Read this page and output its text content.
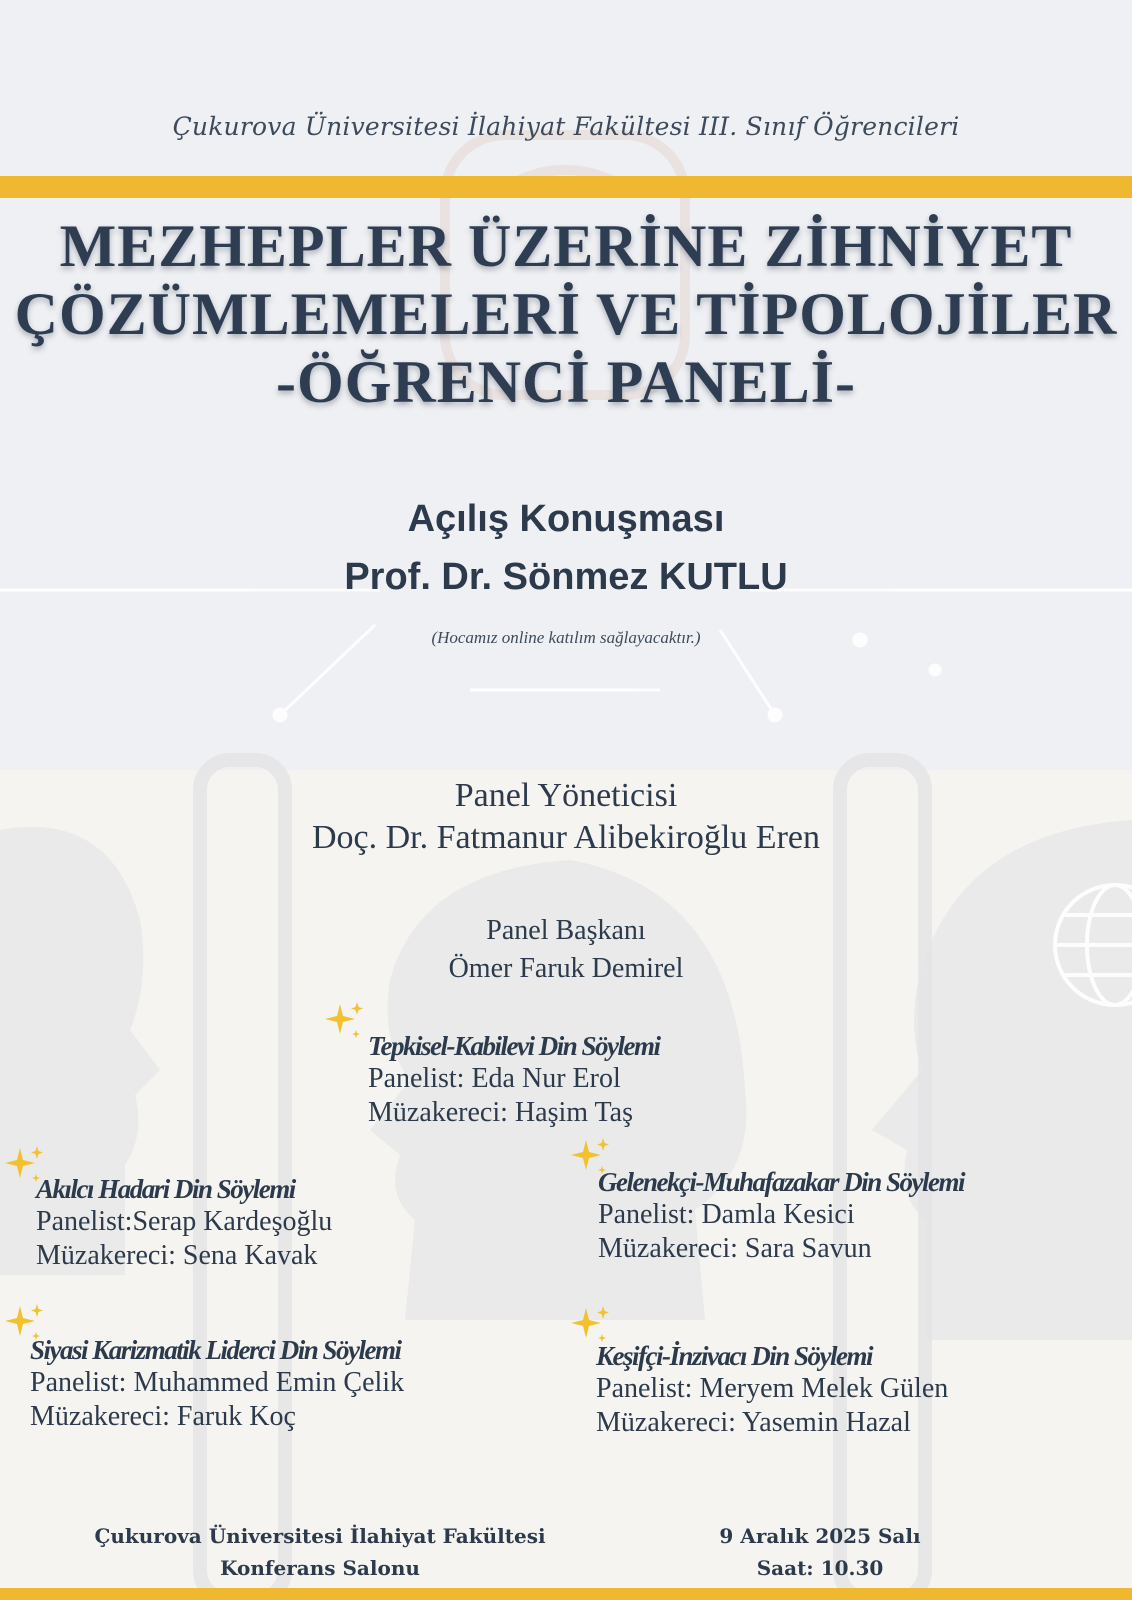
Çukurova Üniversitesi İlahiyat Fakültesi III. Sınıf Öğrencileri
MEZHEPLER ÜZERİNE ZİHNİYET
ÇÖZÜMLEMELERİ VE TİPOLOJİLER
-ÖĞRENCİ PANELİ-
Açılış Konuşması
Prof. Dr. Sönmez KUTLU
(Hocamız online katılım sağlayacaktır.)
Panel Yöneticisi
Doç. Dr. Fatmanur Alibekiroğlu Eren
Panel Başkanı
Ömer Faruk Demirel
Tepkisel-Kabilevi Din Söylemi
Panelist: Eda Nur Erol
Müzakereci: Haşim Taş
Akılcı Hadari Din Söylemi
Panelist:Serap Kardeşoğlu
Müzakereci: Sena Kavak
Gelenekçi-Muhafazakar Din Söylemi
Panelist: Damla Kesici
Müzakereci: Sara Savun
Siyasi Karizmatik Liderci Din Söylemi
Panelist: Muhammed Emin Çelik
Müzakereci: Faruk Koç
Keşifçi-İnzivacı Din Söylemi
Panelist: Meryem Melek Gülen
Müzakereci: Yasemin Hazal
Çukurova Üniversitesi İlahiyat Fakültesi
Konferans Salonu
9 Aralık 2025 Salı
Saat: 10.30
